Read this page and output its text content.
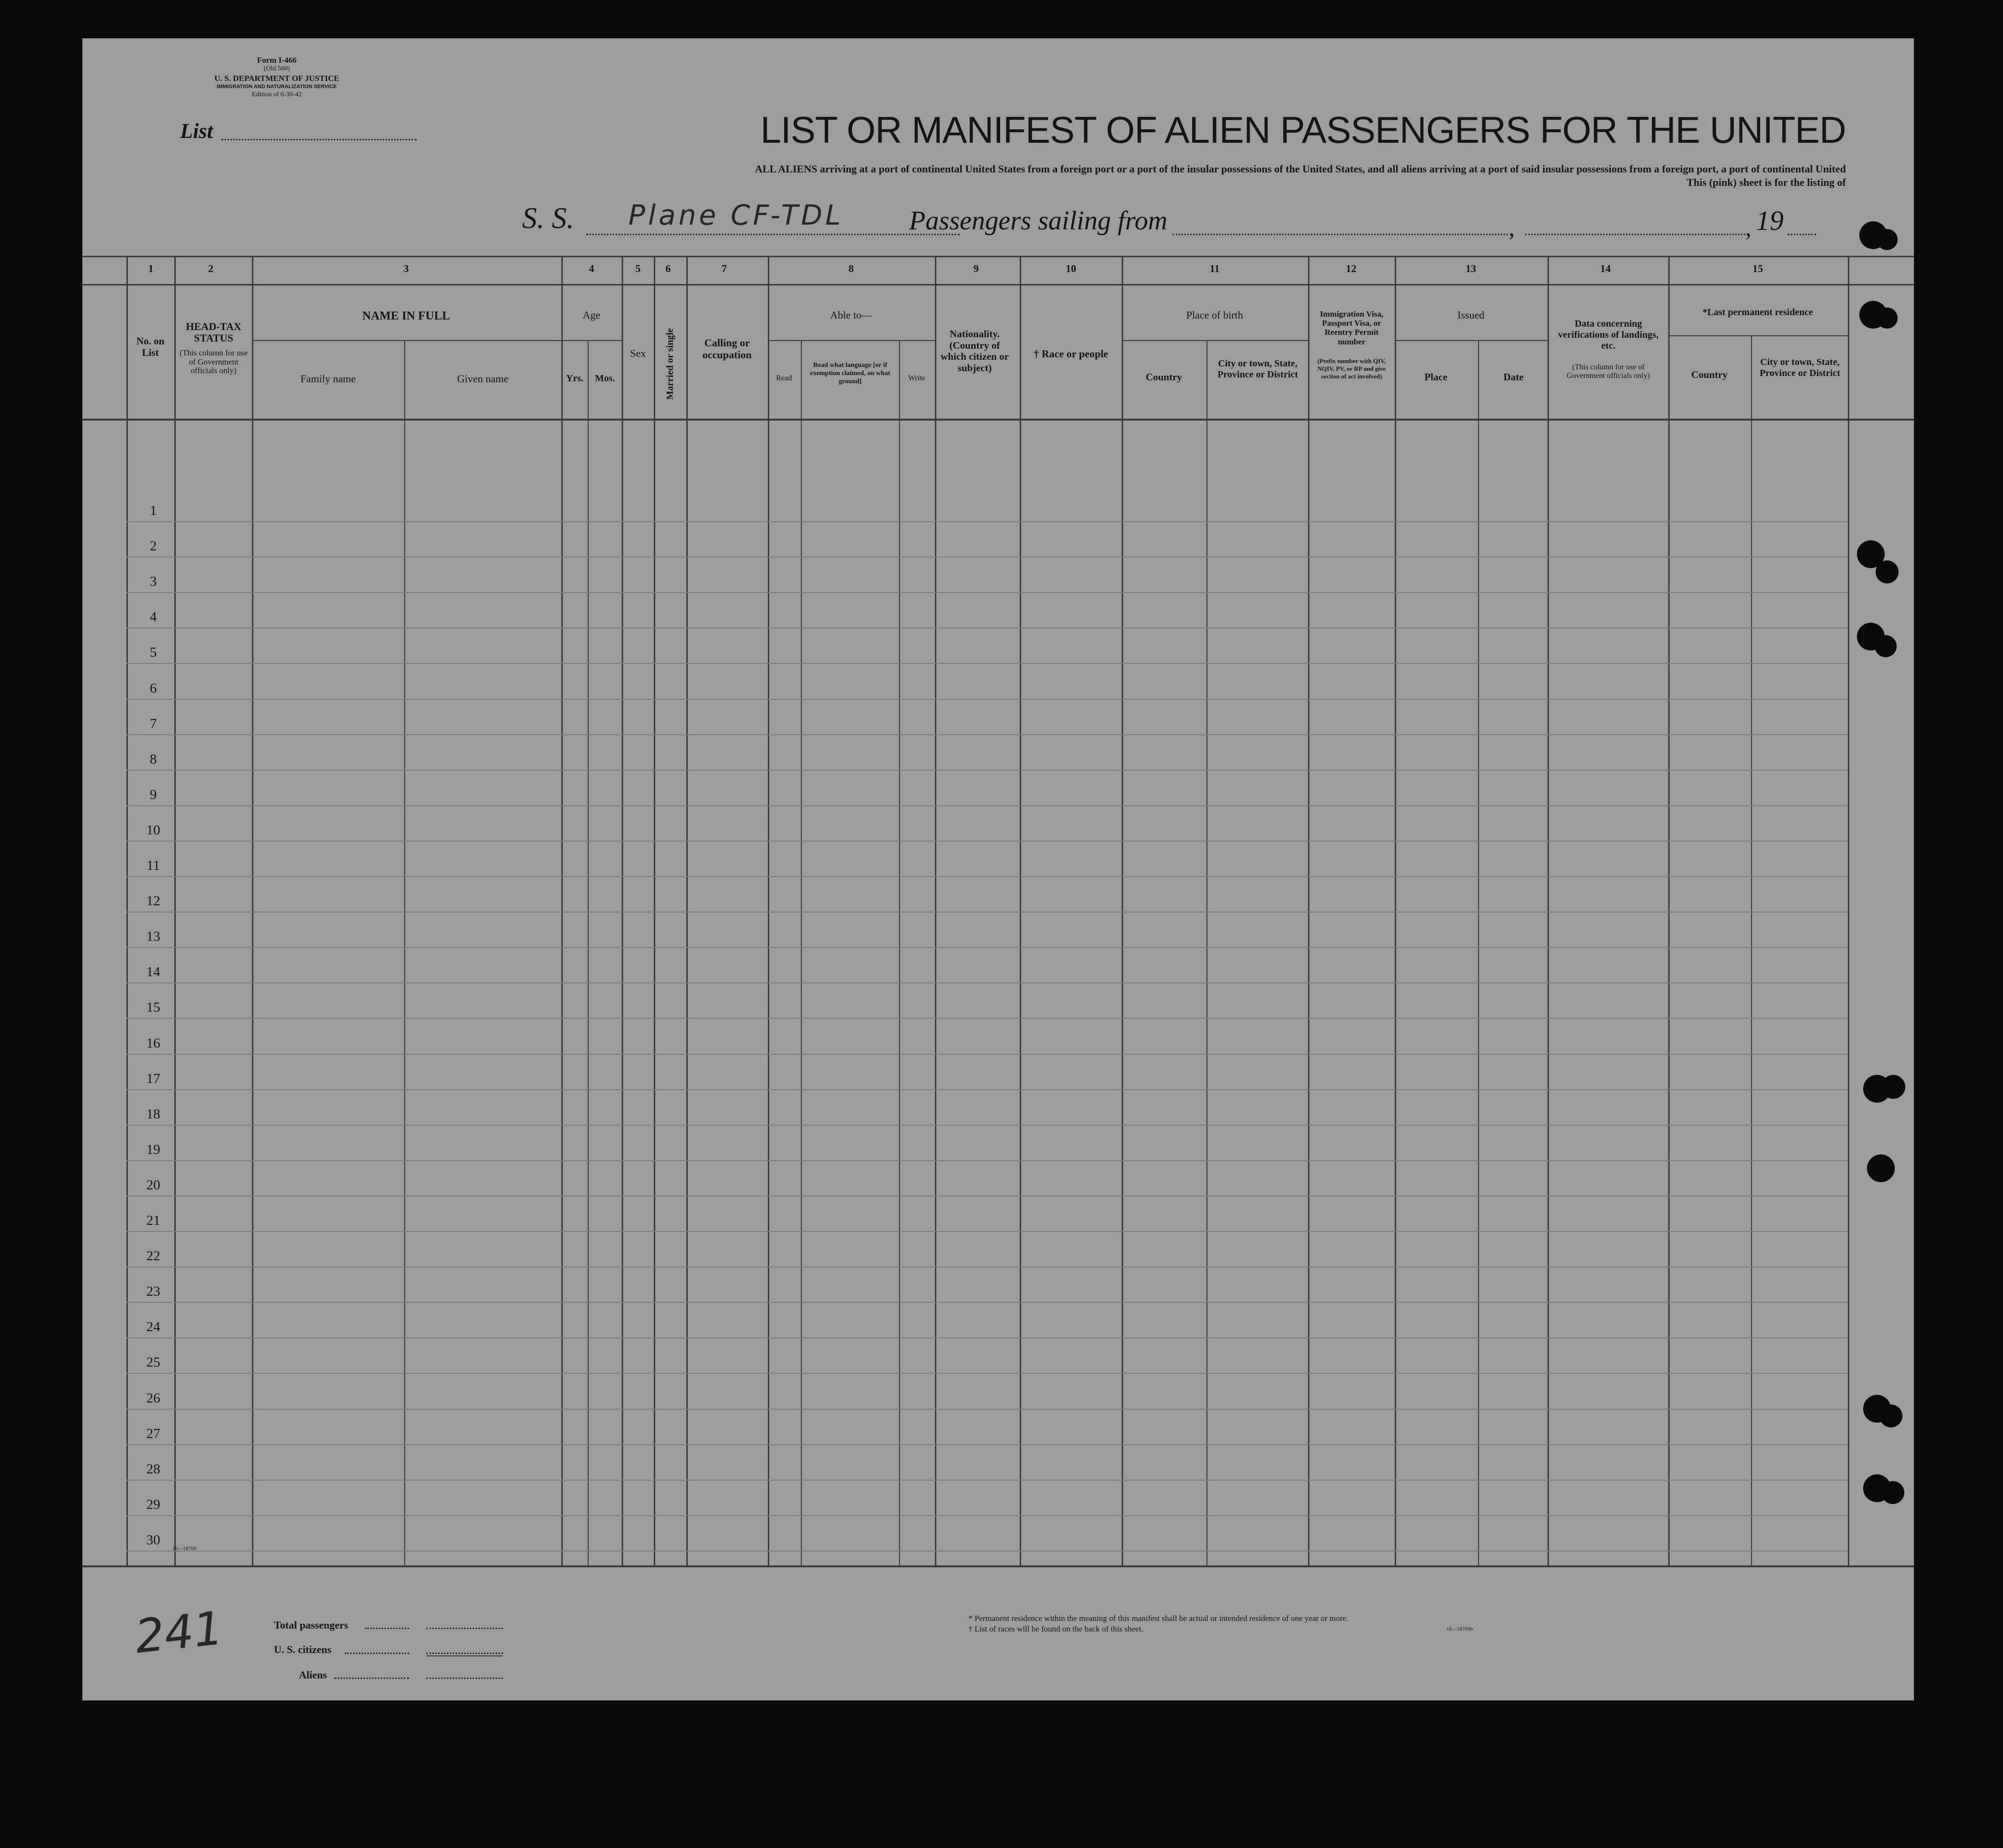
Form I-466
(Old 500)
U. S. DEPARTMENT OF JUSTICE
IMMIGRATION AND NATURALIZATION SERVICE
Edition of 6-30-42
List	LIST OR MANIFEST OF ALIEN PASSENGERS FOR THE UNITED
ALL ALIENS arriving at a port of continental United States from a foreign port or a port of the insular possessions of the United States, and all aliens arriving at a port of said insular possessions from a foreign port, a port of continental United
This (pink) sheet is for the listing of
S. S. Plane CF-TDL Passengers sailing from	,	, 19
1	2	3	4	5 6	7	8	9	10	11	12	13	14	15
No. on List
HEAD-TAX STATUS
(This column for use of Government officials only)
NAME IN FULL
Family name	Given name
Age
Yrs. Mos.
Sex Married or single	Calling or occupation
Able to—
Read
Read what language [or if exemption claimed, on what ground]	Write
Nationality. (Country of which citizen or subject)
† Race or people
Place of birth
Country
City or town, State, Province or District
Immigration Visa, Passport Visa, or Reentry Permit number
(Prefix number with QIV, NQIV, PV, or RP and give section of act involved)
Issued
Place	Date
Data concerning verifications of landings, etc.
(This column for use of Government officials only)
*Last permanent residence
Country
City or town, State, Province or District
1
2
3
4
5
6
7
8
9
10
11
12
13
14
15
16
17
18
19
20
21
22
23
24
25
26
27
28
29
30
16—18709
Total passengers
U. S. citizens
Aliens
* Permanent residence within the meaning of this manifest shall be actual or intended residence of one year or more.
† List of races will be found on the back of this sheet.	16—18709b
241
